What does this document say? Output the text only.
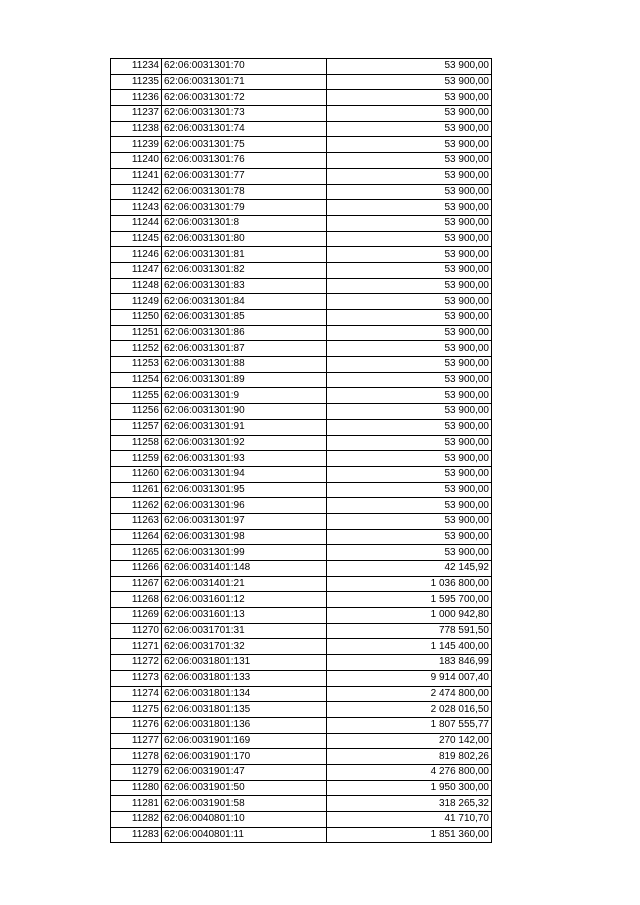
11234	62:06:0031301:70	53 900,00
11235	62:06:0031301:71	53 900,00
11236	62:06:0031301:72	53 900,00
11237	62:06:0031301:73	53 900,00
11238	62:06:0031301:74	53 900,00
11239	62:06:0031301:75	53 900,00
11240	62:06:0031301:76	53 900,00
11241	62:06:0031301:77	53 900,00
11242	62:06:0031301:78	53 900,00
11243	62:06:0031301:79	53 900,00
11244	62:06:0031301:8	53 900,00
11245	62:06:0031301:80	53 900,00
11246	62:06:0031301:81	53 900,00
11247	62:06:0031301:82	53 900,00
11248	62:06:0031301:83	53 900,00
11249	62:06:0031301:84	53 900,00
11250	62:06:0031301:85	53 900,00
11251	62:06:0031301:86	53 900,00
11252	62:06:0031301:87	53 900,00
11253	62:06:0031301:88	53 900,00
11254	62:06:0031301:89	53 900,00
11255	62:06:0031301:9	53 900,00
11256	62:06:0031301:90	53 900,00
11257	62:06:0031301:91	53 900,00
11258	62:06:0031301:92	53 900,00
11259	62:06:0031301:93	53 900,00
11260	62:06:0031301:94	53 900,00
11261	62:06:0031301:95	53 900,00
11262	62:06:0031301:96	53 900,00
11263	62:06:0031301:97	53 900,00
11264	62:06:0031301:98	53 900,00
11265	62:06:0031301:99	53 900,00
11266	62:06:0031401:148	42 145,92
11267	62:06:0031401:21	1 036 800,00
11268	62:06:0031601:12	1 595 700,00
11269	62:06:0031601:13	1 000 942,80
11270	62:06:0031701:31	778 591,50
11271	62:06:0031701:32	1 145 400,00
11272	62:06:0031801:131	183 846,99
11273	62:06:0031801:133	9 914 007,40
11274	62:06:0031801:134	2 474 800,00
11275	62:06:0031801:135	2 028 016,50
11276	62:06:0031801:136	1 807 555,77
11277	62:06:0031901:169	270 142,00
11278	62:06:0031901:170	819 802,26
11279	62:06:0031901:47	4 276 800,00
11280	62:06:0031901:50	1 950 300,00
11281	62:06:0031901:58	318 265,32
11282	62:06:0040801:10	41 710,70
11283	62:06:0040801:11	1 851 360,00
